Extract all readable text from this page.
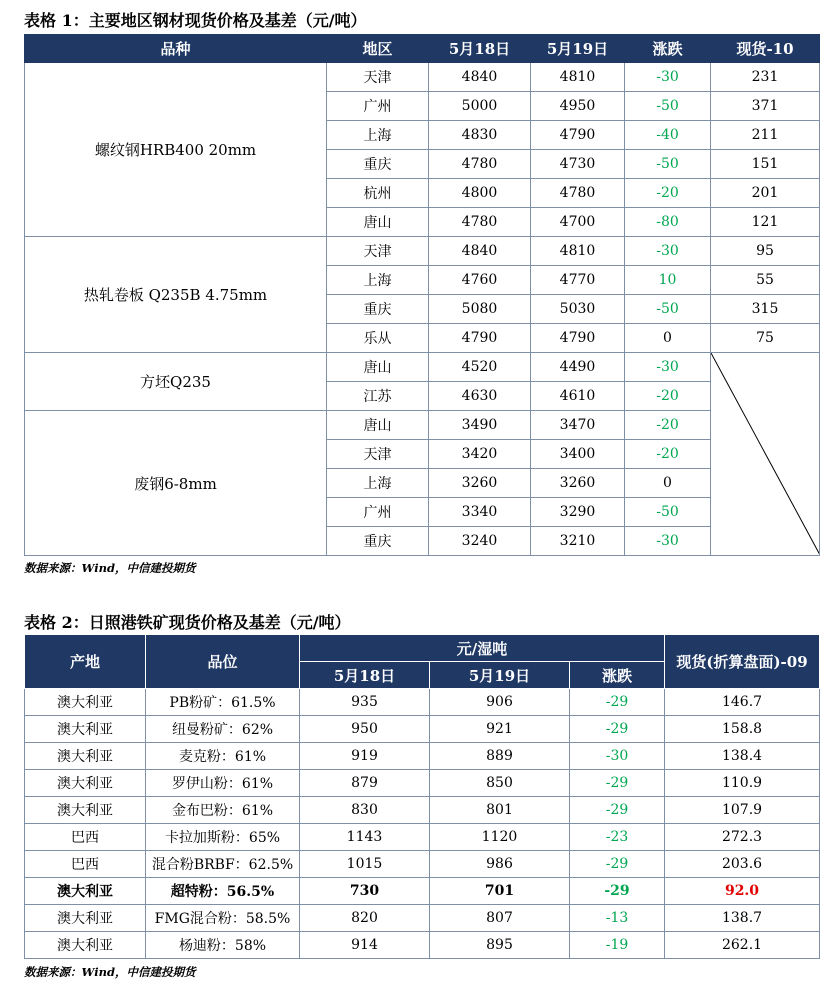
表格 1：主要地区钢材现货价格及基差（元/吨）
品种	地区	5月18日	5月19日	涨跌	现货-10
螺纹钢HRB400 20mm	天津	4840	4810	-30	231
	广州	5000	4950	-50	371
	上海	4830	4790	-40	211
	重庆	4780	4730	-50	151
	杭州	4800	4780	-20	201
	唐山	4780	4700	-80	121
热轧卷板 Q235B 4.75mm	天津	4840	4810	-30	95
	上海	4760	4770	10	55
	重庆	5080	5030	-50	315
	乐从	4790	4790	0	75
方坯Q235	唐山	4520	4490	-30	

	江苏	4630	4610	-20	
废钢6-8mm	唐山	3490	3470	-20	
	天津	3420	3400	-20	
	上海	3260	3260	0	
	广州	3340	3290	-50	
	重庆	3240	3210	-30	
数据来源：Wind，中信建投期货
表格 2：日照港铁矿现货价格及基差（元/吨）
产地	品位	元/湿吨			现货(折算盘面)-09
		5月18日	5月19日	涨跌	
澳大利亚	PB粉矿：61.5%	935	906	-29	146.7
澳大利亚	纽曼粉矿：62%	950	921	-29	158.8
澳大利亚	麦克粉：61%	919	889	-30	138.4
澳大利亚	罗伊山粉：61%	879	850	-29	110.9
澳大利亚	金布巴粉：61%	830	801	-29	107.9
巴西	卡拉加斯粉：65%	1143	1120	-23	272.3
巴西	混合粉BRBF：62.5%	1015	986	-29	203.6
澳大利亚	超特粉：56.5%	730	701	-29	92.0
澳大利亚	FMG混合粉：58.5%	820	807	-13	138.7
澳大利亚	杨迪粉：58%	914	895	-19	262.1
数据来源：Wind，中信建投期货
